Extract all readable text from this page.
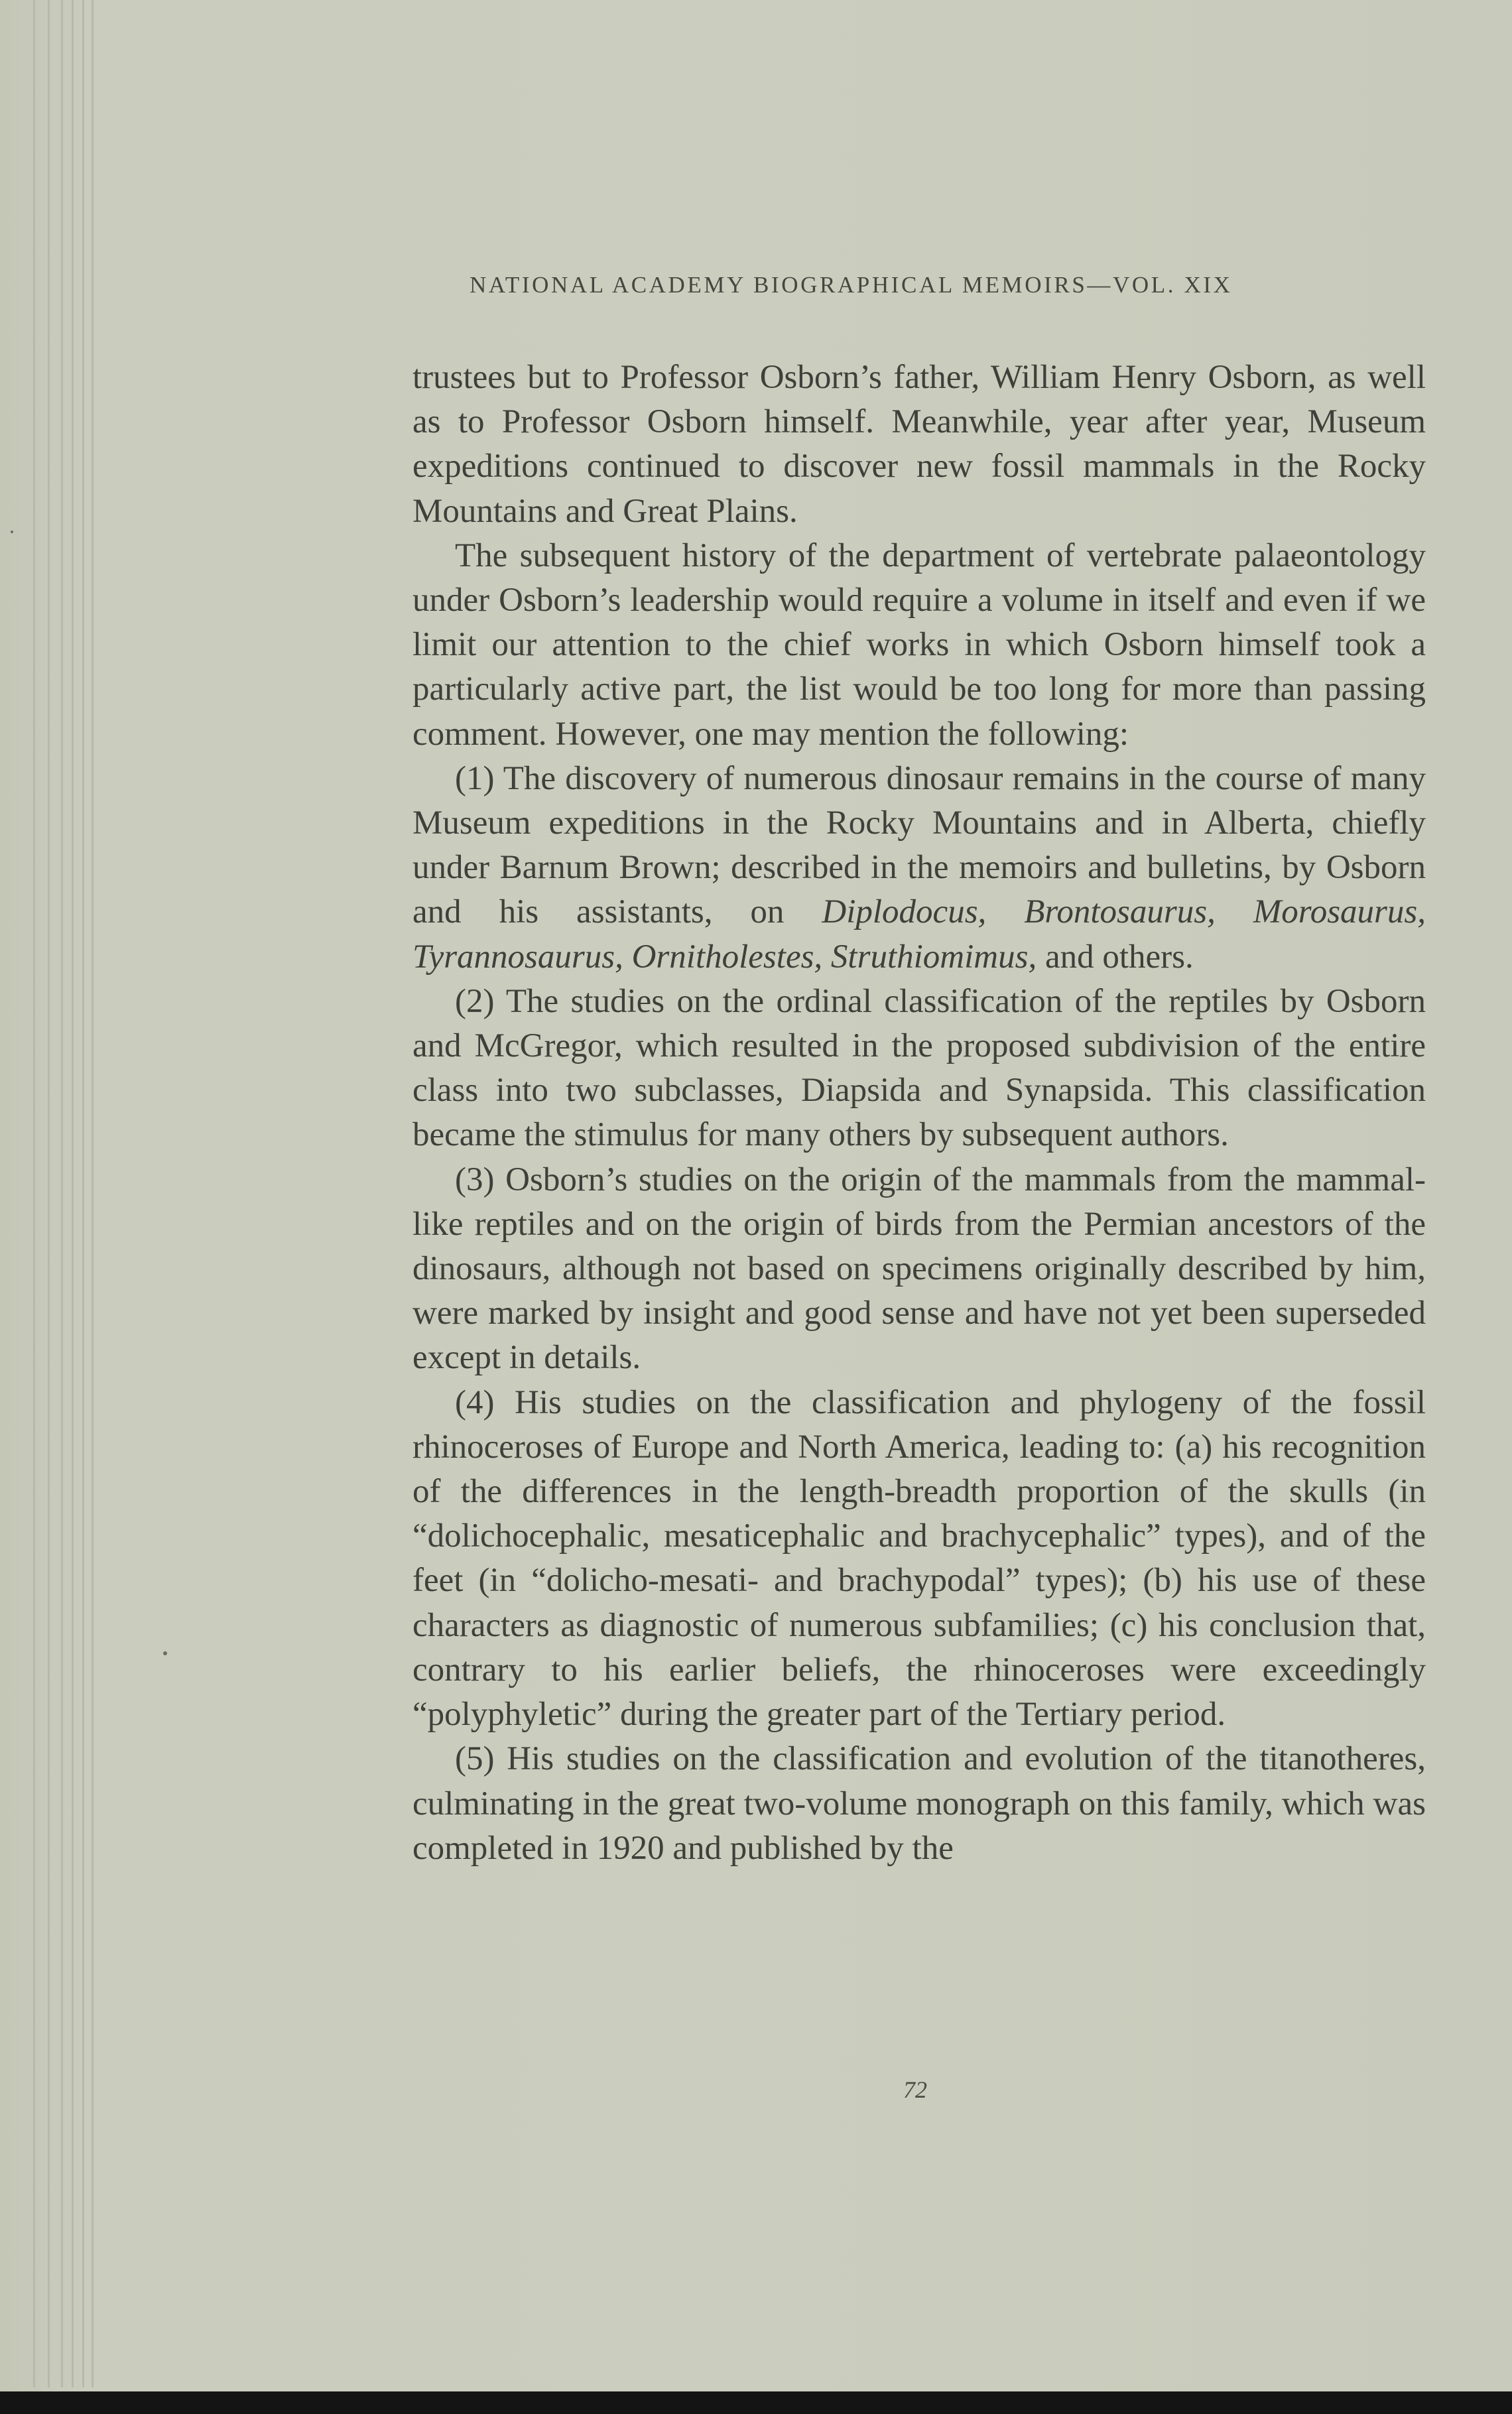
NATIONAL ACADEMY BIOGRAPHICAL MEMOIRS—VOL. XIX

trustees but to Professor Osborn’s father, William Henry Osborn, as well as to Professor Osborn himself. Meanwhile, year after year, Museum expeditions continued to discover new fossil mammals in the Rocky Mountains and Great Plains.

The subsequent history of the department of vertebrate palaeontology under Osborn’s leadership would require a volume in itself and even if we limit our attention to the chief works in which Osborn himself took a particularly active part, the list would be too long for more than passing comment. However, one may mention the following:

(1) The discovery of numerous dinosaur remains in the course of many Museum expeditions in the Rocky Mountains and in Alberta, chiefly under Barnum Brown; described in the memoirs and bulletins, by Osborn and his assistants, on Diplodocus, Brontosaurus, Morosaurus, Tyrannosaurus, Ornitholestes, Struthiomimus, and others.

(2) The studies on the ordinal classification of the reptiles by Osborn and McGregor, which resulted in the proposed subdivision of the entire class into two subclasses, Diapsida and Synapsida. This classification became the stimulus for many others by subsequent authors.

(3) Osborn’s studies on the origin of the mammals from the mammal-like reptiles and on the origin of birds from the Permian ancestors of the dinosaurs, although not based on specimens originally described by him, were marked by insight and good sense and have not yet been superseded except in details.

(4) His studies on the classification and phylogeny of the fossil rhinoceroses of Europe and North America, leading to: (a) his recognition of the differences in the length-breadth proportion of the skulls (in “dolichocephalic, mesaticephalic and brachycephalic” types), and of the feet (in “dolicho-mesati- and brachypodal” types); (b) his use of these characters as diagnostic of numerous subfamilies; (c) his conclusion that, contrary to his earlier beliefs, the rhinoceroses were exceedingly “polyphyletic” during the greater part of the Tertiary period.

(5) His studies on the classification and evolution of the titanotheres, culminating in the great two-volume monograph on this family, which was completed in 1920 and published by the

72
